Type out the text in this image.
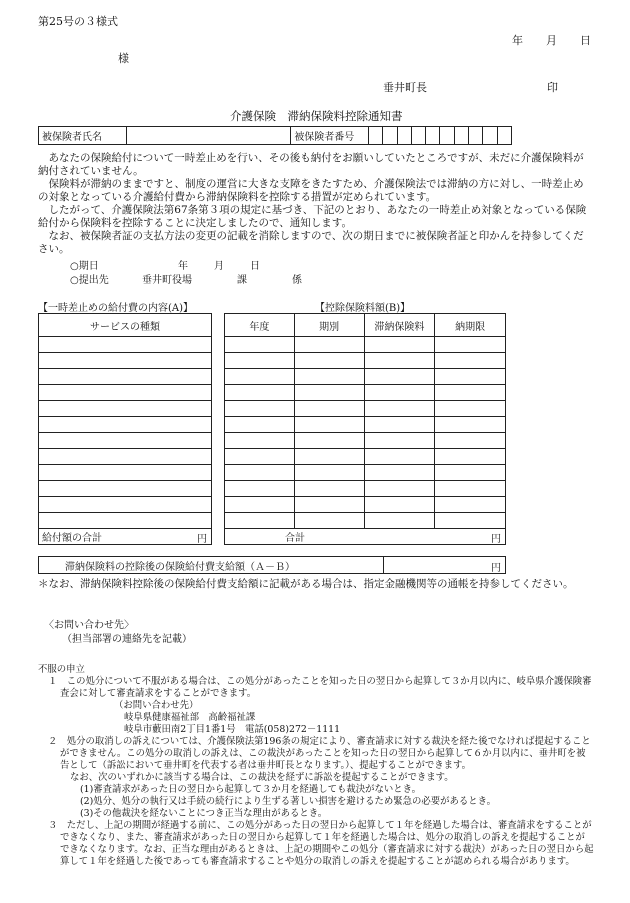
第25号の３様式
年 月 日
様
垂井町長	印
介護保険　滞納保険料控除通知書
被保険者氏名		被保険者番号										

あなたの保険給付について一時差止めを行い、その後も納付をお願いしていたところですが、未だに介護保険料が納付されていません。

保険料が滞納のままですと、制度の運営に大きな支障をきたすため、介護保険法では滞納の方に対し、一時差止めの対象となっている介護給付費から滞納保険料を控除する措置が定められています。

したがって、介護保険法第67条第３項の規定に基づき、下記のとおり、あなたの一時差止め対象となっている保険給付から保険料を控除することに決定しましたので、通知します。

なお、被保険者証の支払方法の変更の記載を消除しますので、次の期日までに被保険者証と印かんを持参してください。

○期日	年	月	日
○提出先	垂井町役場	課	係
【一時差止めの給付費の内容(A)】	【控除保険料額(B)】
サービスの種類

給付額の合計	円
年度	期別	滞納保険料	納期限

合計 円			
滞納保険料の控除後の保険給付費支給額（Ａ－Ｂ）	円
＊なお、滞納保険料控除後の保険給付費支給額に記載がある場合は、指定金融機関等の通帳を持参してください。
〈お問い合わせ先〉
（担当部署の連絡先を記載）
不服の申立
１　この処分について不服がある場合は、この処分があったことを知った日の翌日から起算して３か月以内に、岐阜県介護保険審査会に対して審査請求をすることができます。
（お問い合わせ先）
岐阜県健康福祉部　高齢福祉課
岐阜市藪田南2丁目1番1号　電話(058)272－1111
２　処分の取消しの訴えについては、介護保険法第196条の規定により、審査請求に対する裁決を経た後でなければ提起することができません。この処分の取消しの訴えは、この裁決があったことを知った日の翌日から起算して６か月以内に、垂井町を被告として（訴訟において垂井町を代表する者は垂井町長となります。）、提起することができます。
なお、次のいずれかに該当する場合は、この裁決を経ずに訴訟を提起することができます。
(1)審査請求があった日の翌日から起算して３か月を経過しても裁決がないとき。
(2)処分、処分の執行又は手続の続行により生ずる著しい損害を避けるため緊急の必要があるとき。
(3)その他裁決を経ないことにつき正当な理由があるとき。
３　ただし、上記の期間が経過する前に、この処分があった日の翌日から起算して１年を経過した場合は、審査請求をすることができなくなり、また、審査請求があった日の翌日から起算して１年を経過した場合は、処分の取消しの訴えを提起することができなくなります。なお、正当な理由があるときは、上記の期間やこの処分（審査請求に対する裁決）があった日の翌日から起算して１年を経過した後であっても審査請求することや処分の取消しの訴えを提起することが認められる場合があります。
